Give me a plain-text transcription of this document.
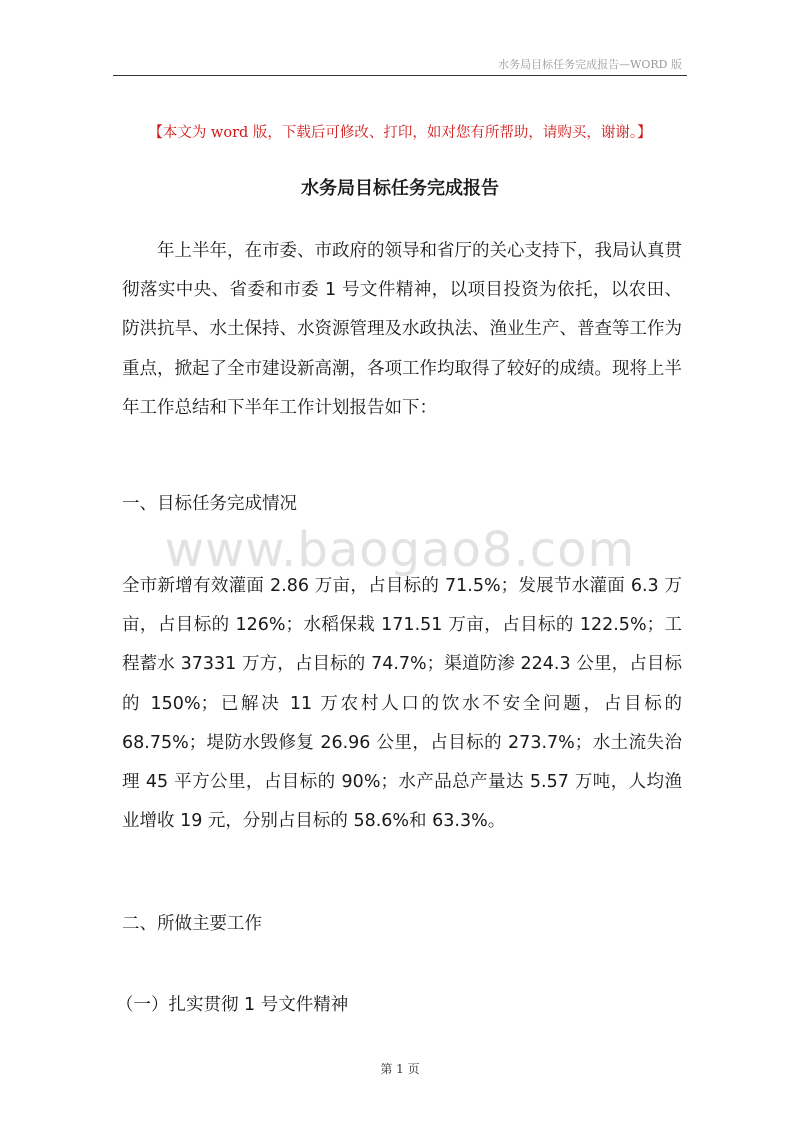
水务局目标任务完成报告—WORD 版
【本文为 word 版，下载后可修改、打印，如对您有所帮助，请购买，谢谢。】
水务局目标任务完成报告

年上半年，在市委、市政府的领导和省厅的关心支持下，我局认真贯彻落实中央、省委和市委 1 号文件精神，以项目投资为依托，以农田、防洪抗旱、水土保持、水资源管理及水政执法、渔业生产、普查等工作为重点，掀起了全市建设新高潮，各项工作均取得了较好的成绩。现将上半年工作总结和下半年工作计划报告如下：

一、目标任务完成情况
www.baogao8.com

全市新增有效灌面 2.86 万亩，占目标的 71.5%；发展节水灌面 6.3 万亩，占目标的 126%；水稻保栽 171.51 万亩，占目标的 122.5%；工程蓄水 37331 万方，占目标的 74.7%；渠道防渗 224.3 公里，占目标的 150%；已解决 11 万农村人口的饮水不安全问题，占目标的 68.75%；堤防水毁修复 26.96 公里，占目标的 273.7%；水土流失治理 45 平方公里，占目标的 90%；水产品总产量达 5.57 万吨，人均渔业增收 19 元，分别占目标的 58.6%和 63.3%。

二、所做主要工作
（一）扎实贯彻 1 号文件精神
第 1 页
